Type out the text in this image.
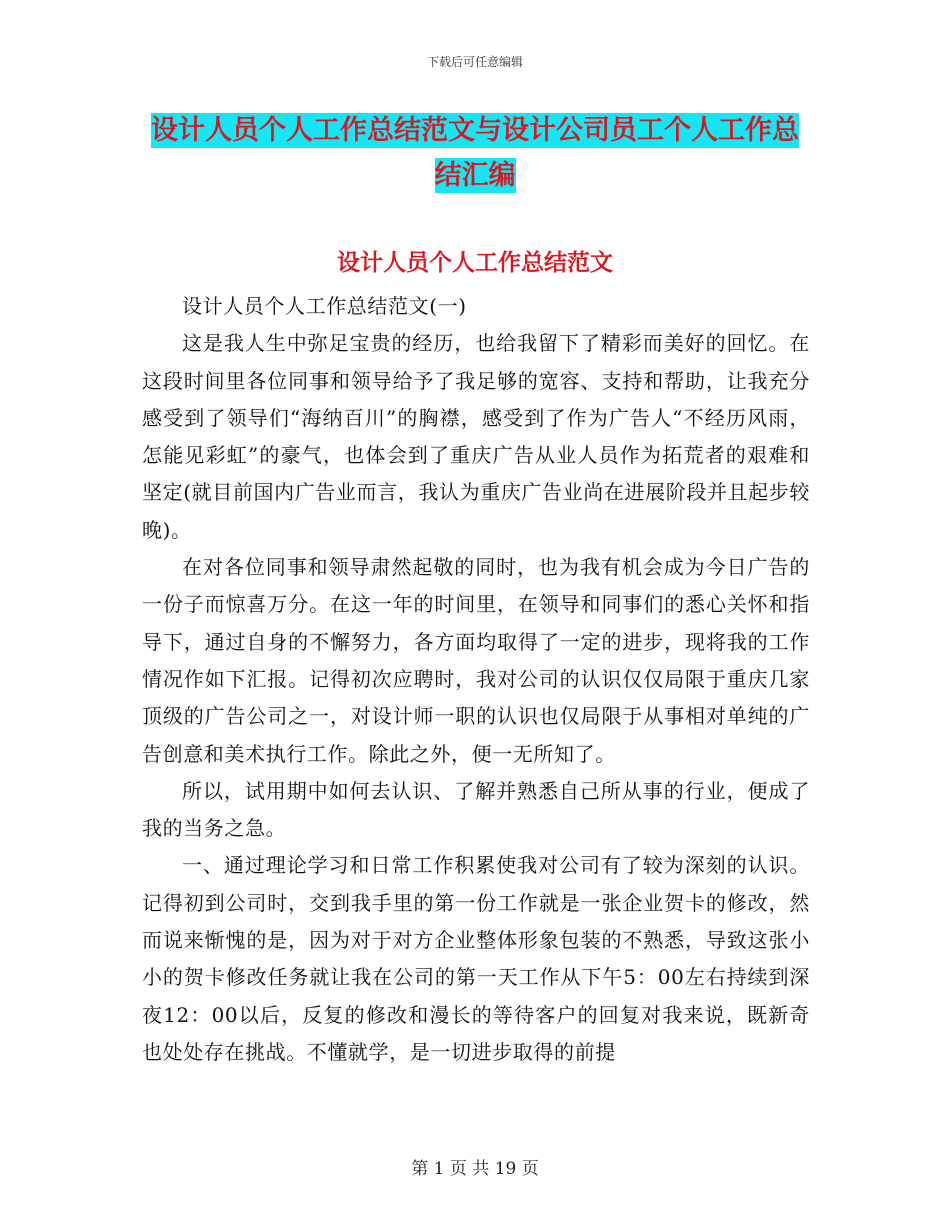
下载后可任意编辑
设计人员个人工作总结范文与设计公司员工个人工作总结汇编
设计人员个人工作总结范文

设计人员个人工作总结范文(一)

这是我人生中弥足宝贵的经历，也给我留下了精彩而美好的回忆。在这段时间里各位同事和领导给予了我足够的宽容、支持和帮助，让我充分感受到了领导们“海纳百川”的胸襟，感受到了作为广告人“不经历风雨，怎能见彩虹”的豪气，也体会到了重庆广告从业人员作为拓荒者的艰难和坚定(就目前国内广告业而言，我认为重庆广告业尚在进展阶段并且起步较晚)。

在对各位同事和领导肃然起敬的同时，也为我有机会成为今日广告的一份子而惊喜万分。在这一年的时间里，在领导和同事们的悉心关怀和指导下，通过自身的不懈努力，各方面均取得了一定的进步，现将我的工作情况作如下汇报。记得初次应聘时，我对公司的认识仅仅局限于重庆几家顶级的广告公司之一，对设计师一职的认识也仅局限于从事相对单纯的广告创意和美术执行工作。除此之外，便一无所知了。

所以，试用期中如何去认识、了解并熟悉自己所从事的行业，便成了我的当务之急。

一、通过理论学习和日常工作积累使我对公司有了较为深刻的认识。记得初到公司时，交到我手里的第一份工作就是一张企业贺卡的修改，然而说来惭愧的是，因为对于对方企业整体形象包装的不熟悉，导致这张小小的贺卡修改任务就让我在公司的第一天工作从下午5：00左右持续到深夜12：00以后，反复的修改和漫长的等待客户的回复对我来说，既新奇也处处存在挑战。不懂就学，是一切进步取得的前提

第 1 页 共 19 页
